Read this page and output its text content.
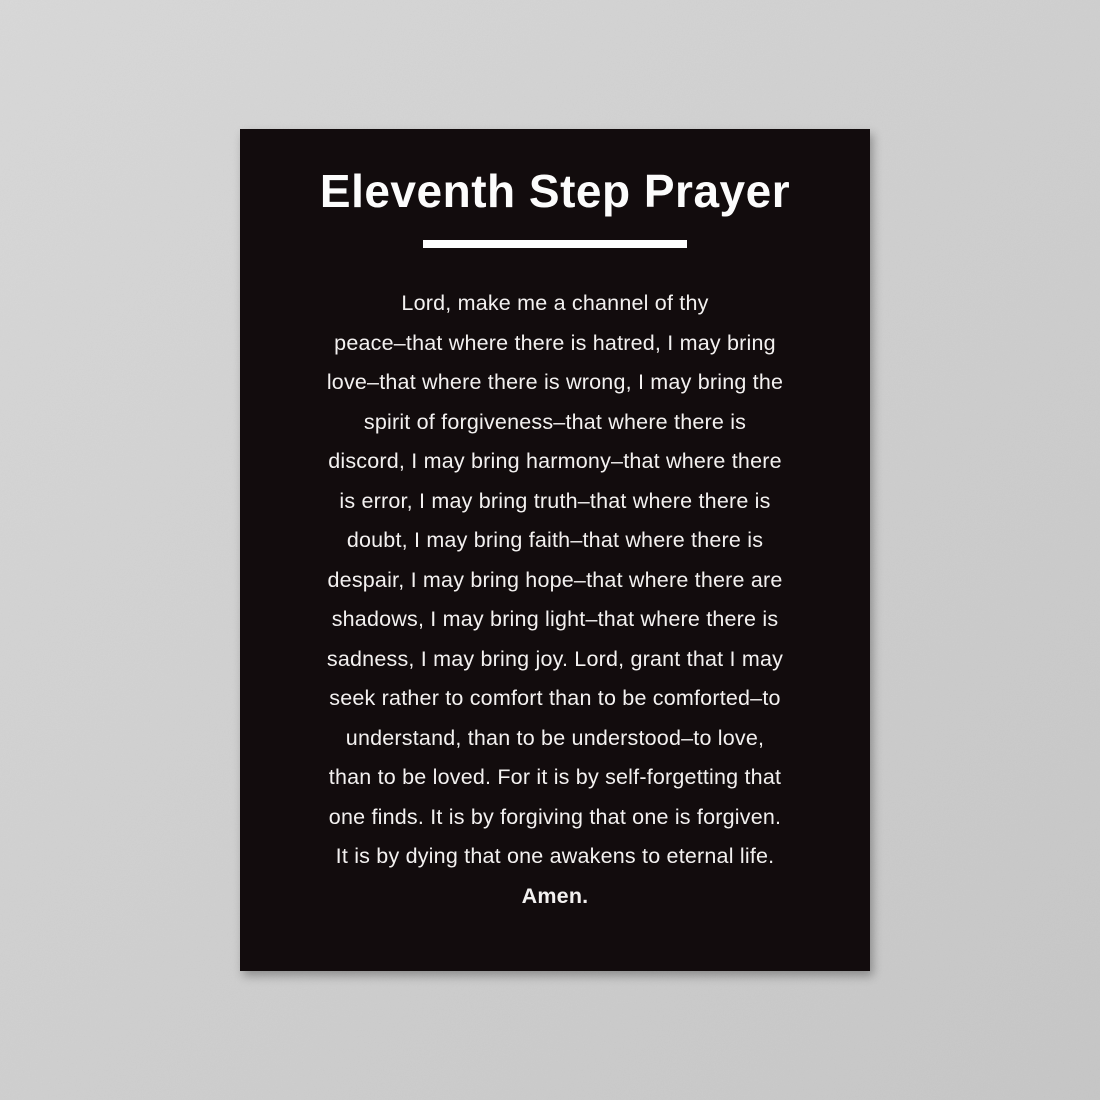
Eleventh Step Prayer
Lord, make me a channel of thy
peace–that where there is hatred, I may bring
love–that where there is wrong, I may bring the
spirit of forgiveness–that where there is
discord, I may bring harmony–that where there
is error, I may bring truth–that where there is
doubt, I may bring faith–that where there is
despair, I may bring hope–that where there are
shadows, I may bring light–that where there is
sadness, I may bring joy. Lord, grant that I may
seek rather to comfort than to be comforted–to
understand, than to be understood–to love,
than to be loved. For it is by self-forgetting that
one finds. It is by forgiving that one is forgiven.
It is by dying that one awakens to eternal life.
Amen.
